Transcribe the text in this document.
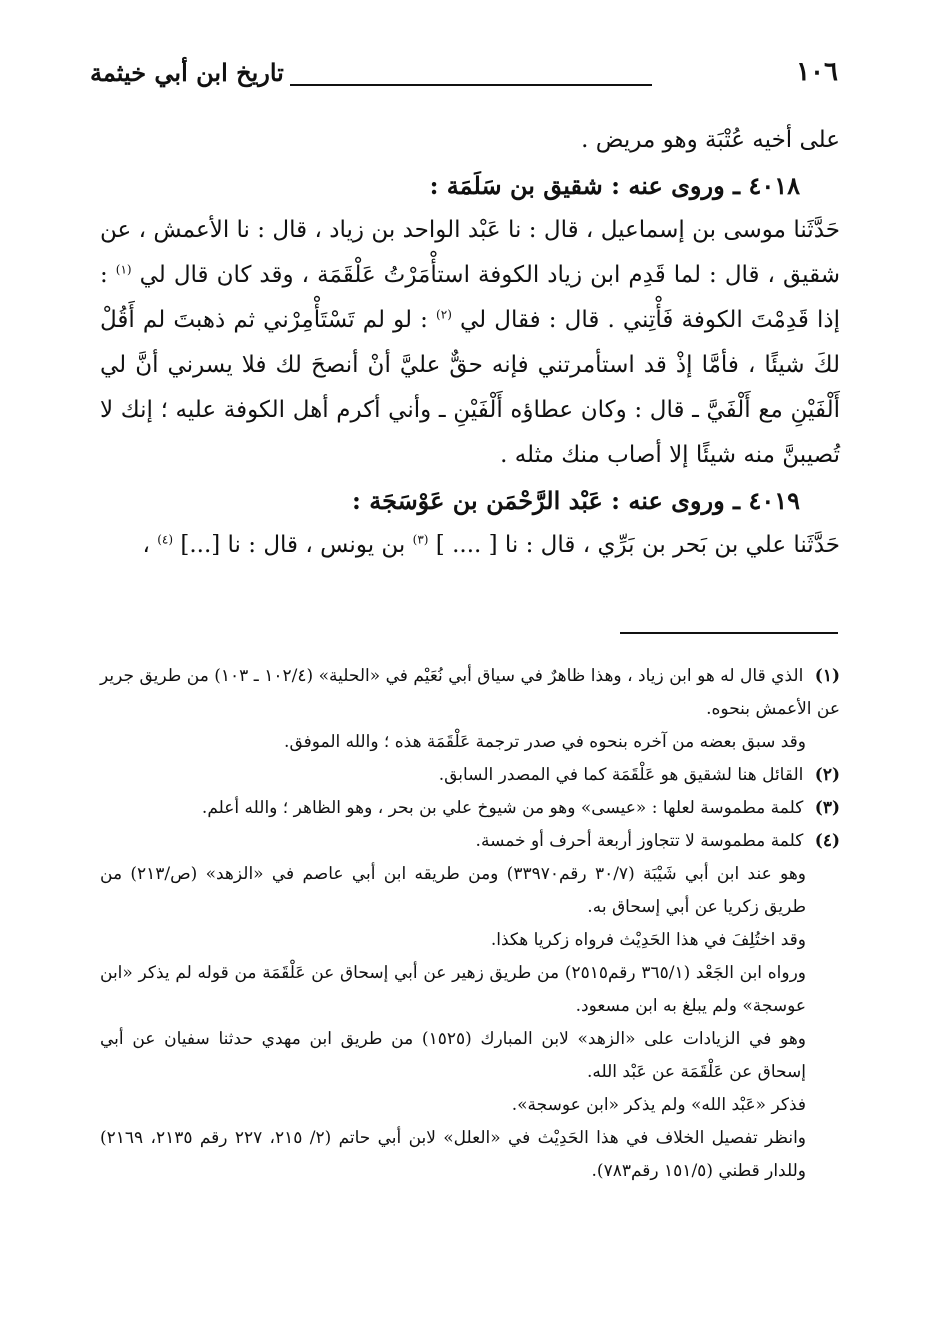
١٠٦
تاريخ ابن أبي خيثمة

على أخيه عُتْبَة وهو مريض .

٤٠١٨ ـ وروى عنه : شقيق بن سَلَمَة :

حَدَّثَنا موسى بن إسماعيل ، قال : نا عَبْد الواحد بن زياد ، قال : نا الأعمش ، عن شقيق ، قال : لما قَدِم ابن زياد الكوفة استأْمَرْتُ عَلْقَمَة ، وقد كان قال لي $^{(١)}$ : إذا قَدِمْتَ الكوفة فَأْتِني . قال : فقال لي $^{(٢)}$ : لو لم تَسْتَأْمِرْني ثم ذهبتَ لم أَقُلْ لكَ شيئًا ، فأمَّا إذْ قد استأمرتني فإنه حقٌّ عليَّ أنْ أنصحَ لك فلا يسرني أنَّ لي أَلْفَيْنِ مع أَلْفَيَّ ـ قال : وكان عطاؤه أَلْفَيْنِ ـ وأني أكرم أهل الكوفة عليه ؛ إنك لا تُصيبنَّ منه شيئًا إلا أصاب منك مثله .

٤٠١٩ ـ وروى عنه : عَبْد الرَّحْمَن بن عَوْسَجَة :

حَدَّثَنا علي بن بَحر بن بَرِّي ، قال : نا [ .... ] $^{(٣)}$ بن يونس ، قال : نا [...] $^{(٤)}$ ،

(١) الذي قال له هو ابن زياد ، وهذا ظاهرٌ في سياق أبي نُعَيْم في «الحلية» (١٠٢/٤ ـ ١٠٣) من طريق جرير عن الأعمش بنحوه.

وقد سبق بعضه من آخره بنحوه في صدر ترجمة عَلْقَمَة هذه ؛ والله الموفق.

(٢) القائل هنا لشقيق هو عَلْقَمَة كما في المصدر السابق.

(٣) كلمة مطموسة لعلها : «عيسى» وهو من شيوخ علي بن بحر ، وهو الظاهر ؛ والله أعلم.

(٤) كلمة مطموسة لا تتجاوز أربعة أحرف أو خمسة.

وهو عند ابن أبي شَيْبَة (٣٠/٧ رقم٣٣٩٧٠) ومن طريقه ابن أبي عاصم في «الزهد» (ص/٢١٣) من طريق زكريا عن أبي إسحاق به.

وقد اختُلِفَ في هذا الحَدِيْث فرواه زكريا هكذا.

ورواه ابن الجَعْد (٣٦٥/١ رقم٢٥١٥) من طريق زهير عن أبي إسحاق عن عَلْقَمَة من قوله لم يذكر «ابن عوسجة» ولم يبلغ به ابن مسعود.

وهو في الزيادات على «الزهد» لابن المبارك (١٥٢٥) من طريق ابن مهدي حدثنا سفيان عن أبي إسحاق عن عَلْقَمَة عن عَبْد الله.

فذكر «عَبْد الله» ولم يذكر «ابن عوسجة».

وانظر تفصيل الخلاف في هذا الحَدِيْث في «العلل» لابن أبي حاتم (٢/ ٢١٥، ٢٢٧ رقم ٢١٣٥، ٢١٦٩) وللدار قطني (١٥١/٥ رقم٧٨٣).
